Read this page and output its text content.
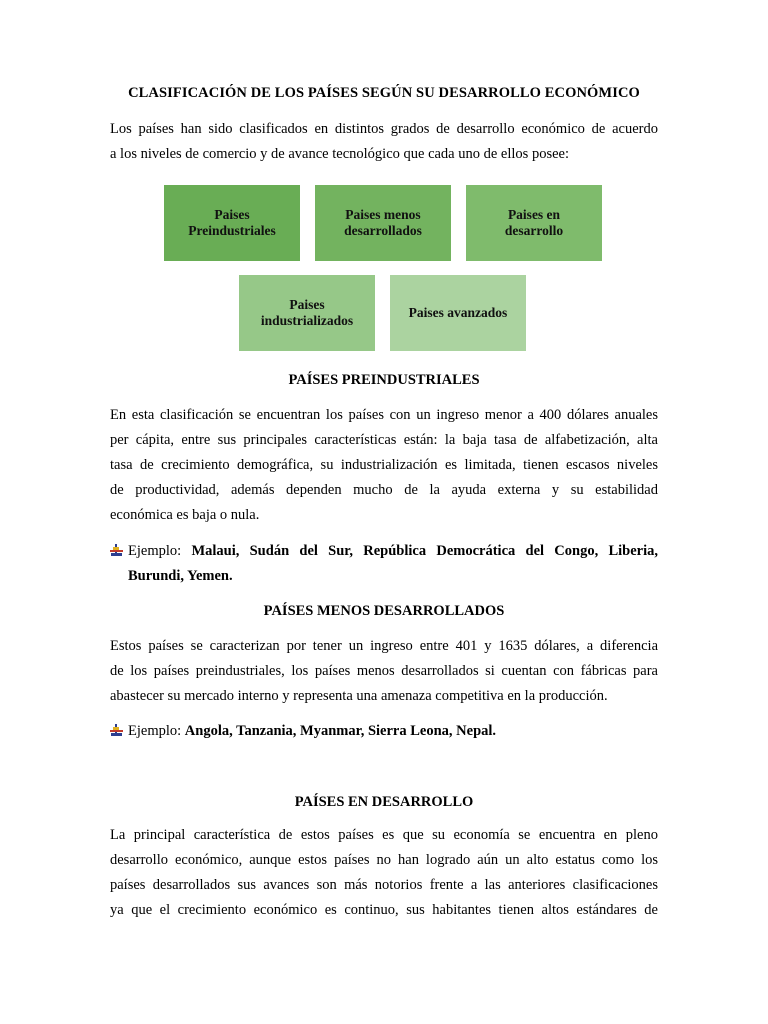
CLASIFICACIÓN DE LOS PAÍSES SEGÚN SU DESARROLLO ECONÓMICO
Los países han sido clasificados en distintos grados de desarrollo económico de acuerdo
a los niveles de comercio y de avance tecnológico que cada uno de ellos posee:
Paises
Preindustriales
Paises menos
desarrollados
Paises en
desarrollo
Paises
industrializados
Paises avanzados
PAÍSES PREINDUSTRIALES
En esta clasificación se encuentran los países con un ingreso menor a 400 dólares anuales
per cápita, entre sus principales características están: la baja tasa de alfabetización, alta
tasa de crecimiento demográfica, su industrialización es limitada, tienen escasos niveles
de productividad, además dependen mucho de la ayuda externa y su estabilidad
económica es baja o nula.
Ejemplo: Malaui, Sudán del Sur, República Democrática del Congo, Liberia,
Burundi, Yemen.
PAÍSES MENOS DESARROLLADOS
Estos países se caracterizan por tener un ingreso entre 401 y 1635 dólares, a diferencia
de los países preindustriales, los países menos desarrollados si cuentan con fábricas para
abastecer su mercado interno y representa una amenaza competitiva en la producción.
Ejemplo: Angola, Tanzania, Myanmar, Sierra Leona, Nepal.
PAÍSES EN DESARROLLO
La principal característica de estos países es que su economía se encuentra en pleno
desarrollo económico, aunque estos países no han logrado aún un alto estatus como los
países desarrollados sus avances son más notorios frente a las anteriores clasificaciones
ya que el crecimiento económico es continuo, sus habitantes tienen altos estándares de
